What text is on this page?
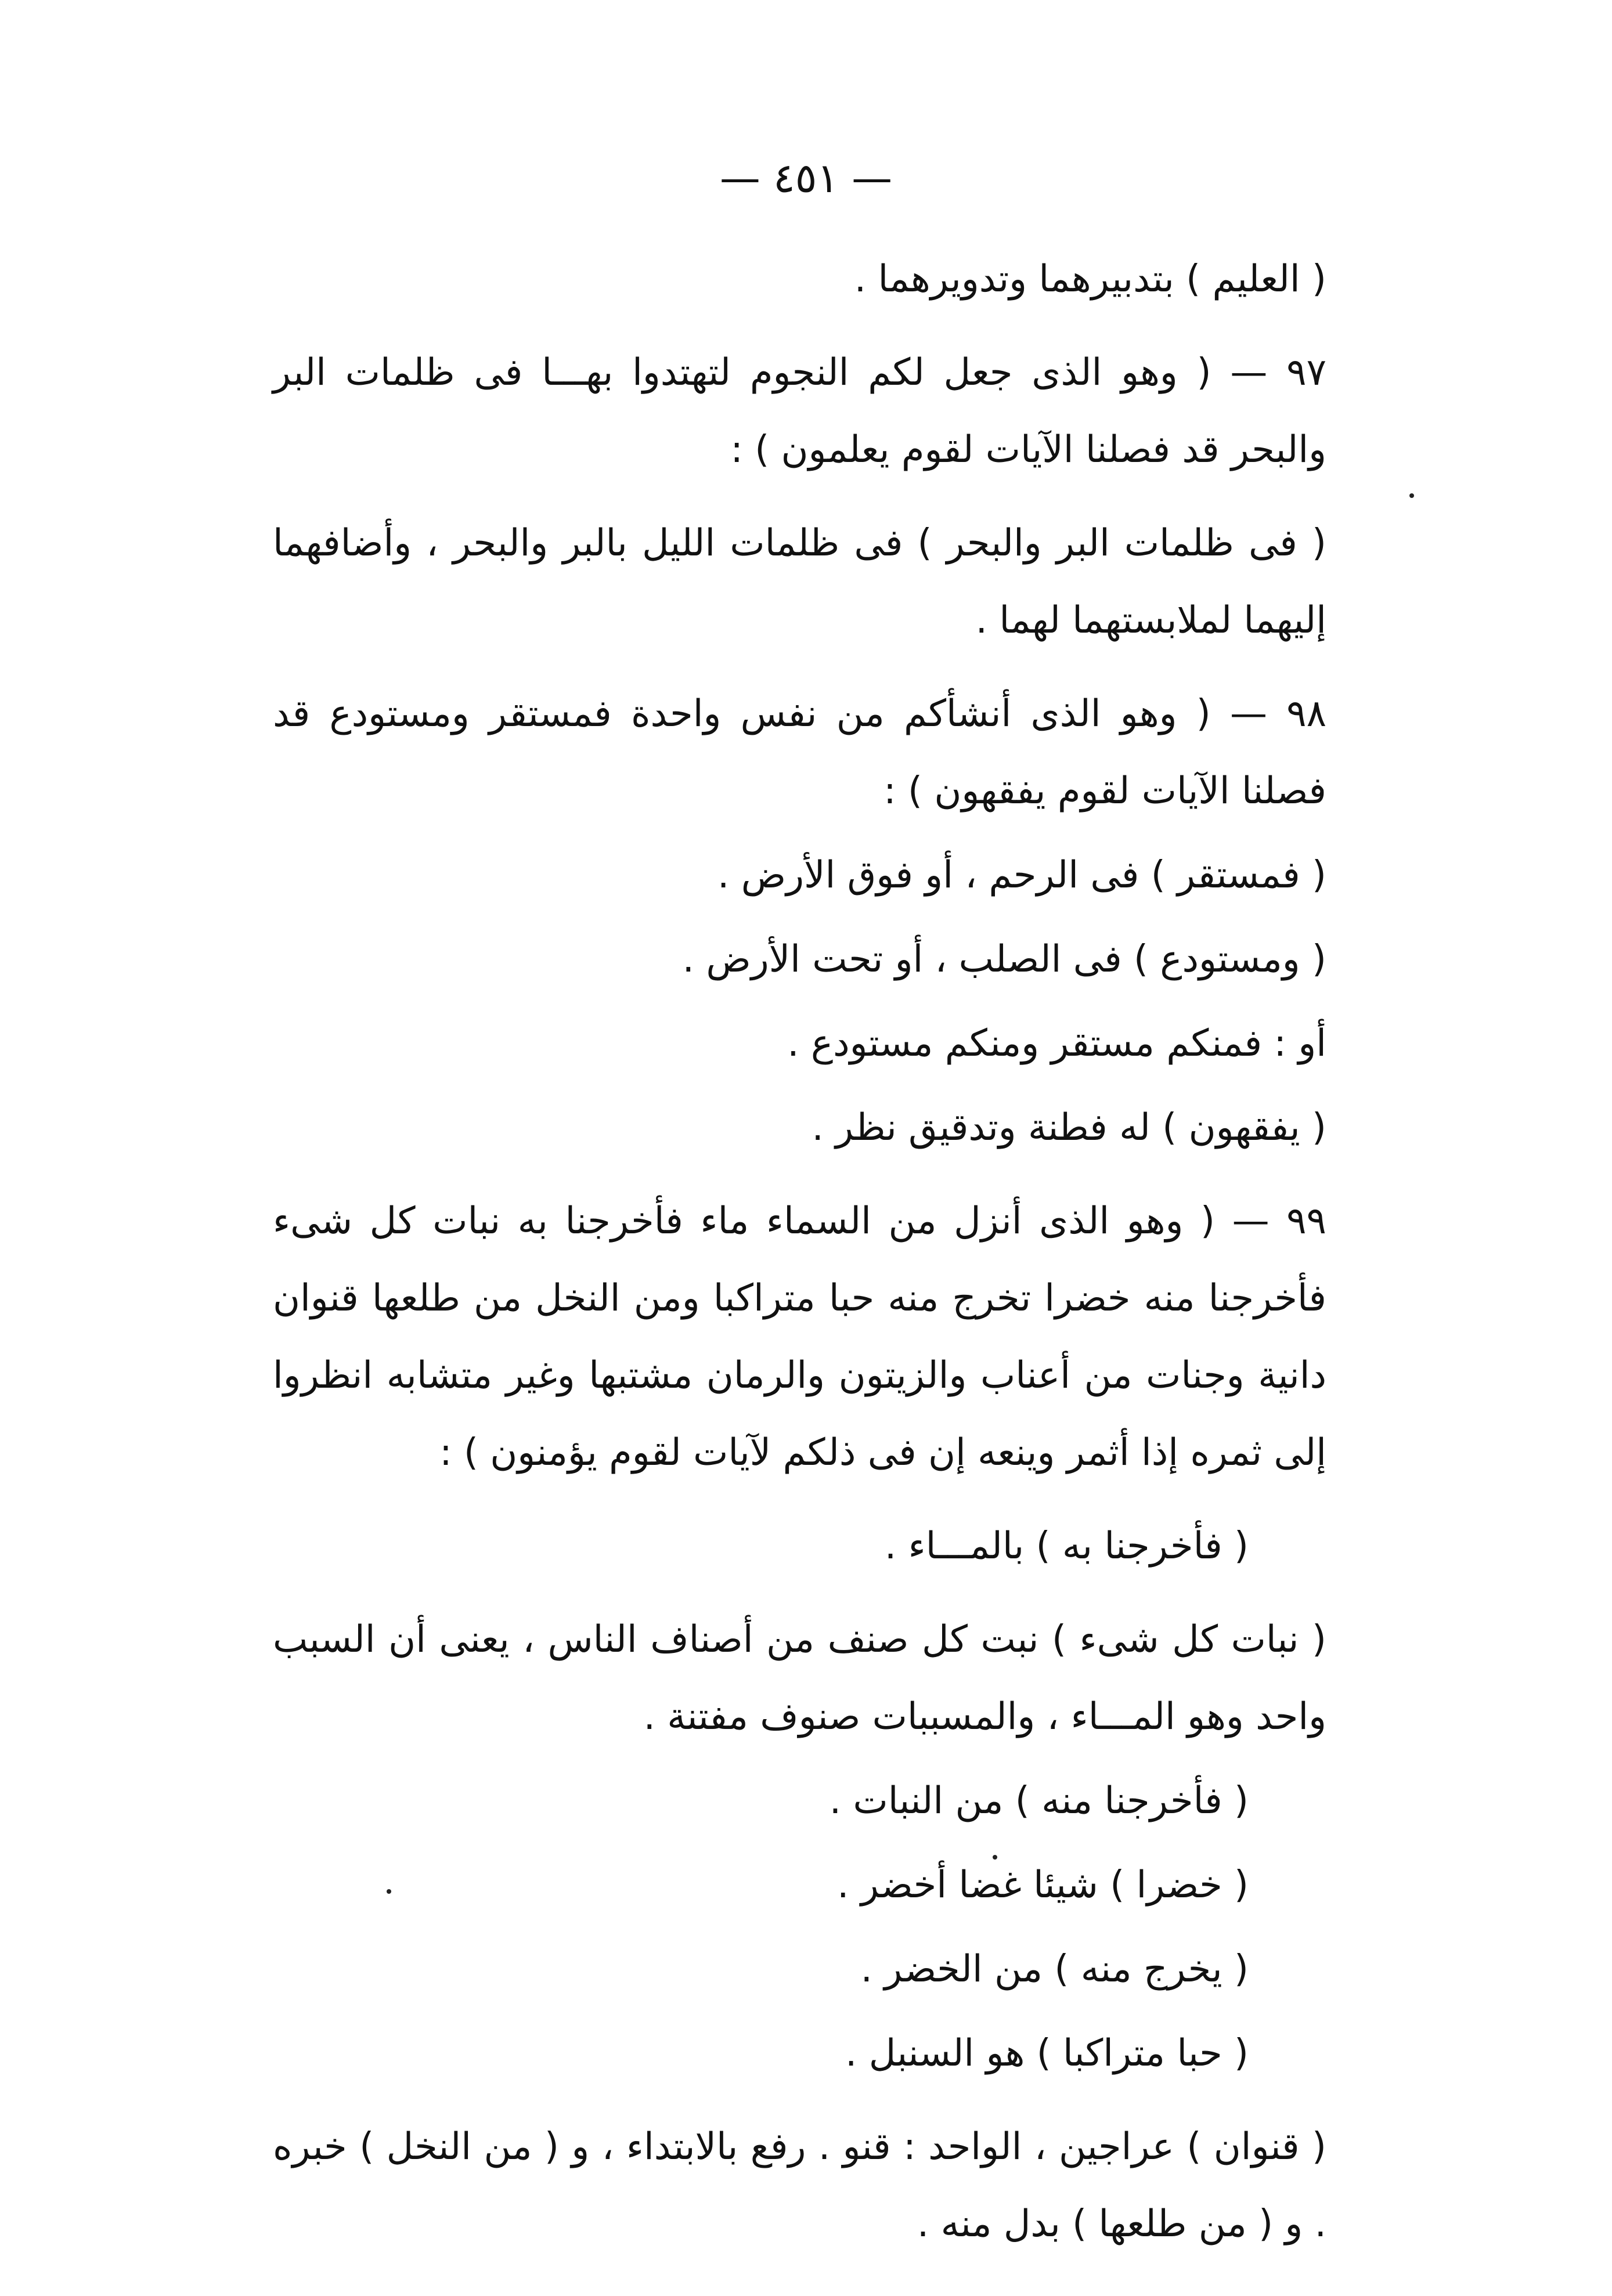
— ٤٥١ —

( العليم ) بتدبيرهما وتدويرهما .

٩٧ — ( وهو الذى جعل لكم النجوم لتهتدوا بهـــا فى ظلمات البر والبحر قد فصلنا الآيات لقوم يعلمون ) :

( فى ظلمات البر والبحر ) فى ظلمات الليل بالبر والبحر ، وأضافهما إليهما لملابستهما لهما .

٩٨ — ( وهو الذى أنشأكم من نفس واحدة فمستقر ومستودع قد فصلنا الآيات لقوم يفقهون ) :

( فمستقر ) فى الرحم ، أو فوق الأرض .

( ومستودع ) فى الصلب ، أو تحت الأرض .

أو : فمنكم مستقر ومنكم مستودع .

( يفقهون ) له فطنة وتدقيق نظر .

٩٩ — ( وهو الذى أنزل من السماء ماء فأخرجنا به نبات كل شىء فأخرجنا منه خضرا تخرج منه حبا متراكبا ومن النخل من طلعها قنوان دانية وجنات من أعناب والزيتون والرمان مشتبها وغير متشابه انظروا إلى ثمره إذا أثمر وينعه إن فى ذلكم لآيات لقوم يؤمنون ) :

( فأخرجنا به ) بالمـــاء .

( نبات كل شىء ) نبت كل صنف من أصناف الناس ، يعنى أن السبب واحد وهو المـــاء ، والمسببات صنوف مفتنة .

( فأخرجنا منه ) من النبات .

( خضرا ) شيئا غضا أخضر .

( يخرج منه ) من الخضر .

( حبا متراكبا ) هو السنبل .

( قنوان ) عراجين ، الواحد : قنو . رفع بالابتداء ، و ( من النخل ) خبره . و ( من طلعها ) بدل منه .
